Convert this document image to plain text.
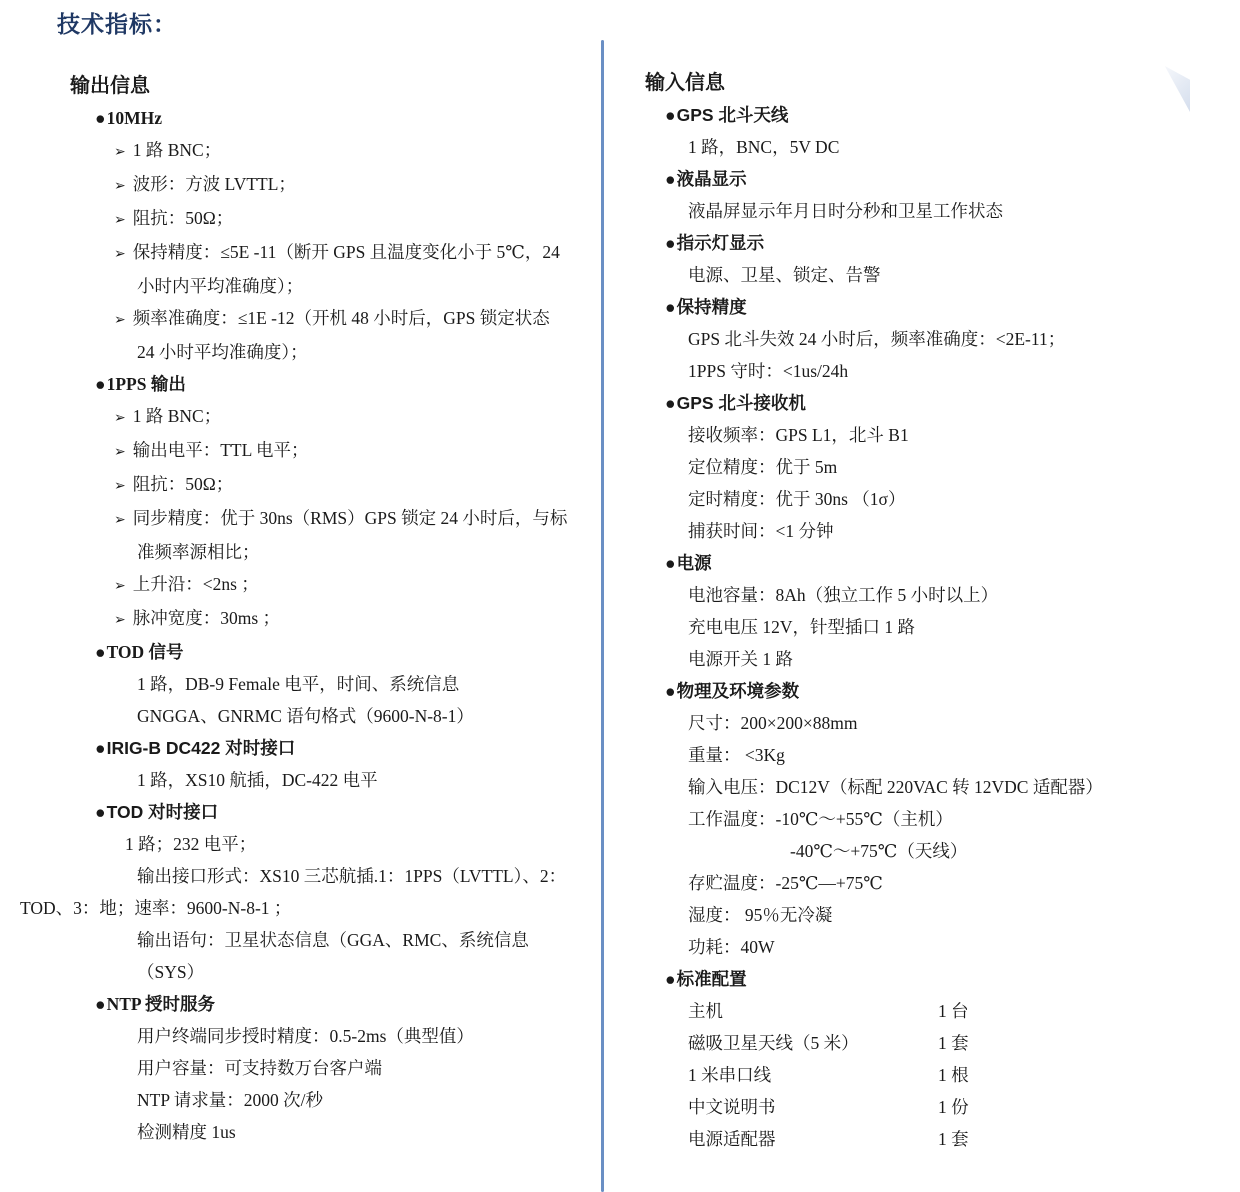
技术指标：
输出信息
●10MHz
➢ 1 路 BNC；
➢ 波形：方波 LVTTL；
➢ 阻抗：50Ω；
➢ 保持精度：≤5E -11（断开 GPS 且温度变化小于 5℃，24 小时内平均准确度）；
➢ 频率准确度：≤1E -12（开机 48 小时后，GPS 锁定状态 24 小时平均准确度）；
●1PPS 输出
➢ 1 路 BNC；
➢ 输出电平：TTL 电平；
➢ 阻抗：50Ω；
➢ 同步精度：优于 30ns（RMS）GPS 锁定 24 小时后，与标准频率源相比；
➢ 上升沿：<2ns ；
➢ 脉冲宽度：30ms ；
●TOD 信号
1 路，DB-9 Female 电平，时间、系统信息
GNGGA、GNRMC 语句格式（9600-N-8-1）
●IRIG-B DC422 对时接口
1 路，XS10 航插，DC-422 电平
●TOD 对时接口
1 路；232 电平；
输出接口形式：XS10 三芯航插.1：1PPS（LVTTL）、2：TOD、3：地；速率：9600-N-8-1 ；
输出语句：卫星状态信息（GGA、RMC、系统信息（SYS）
●NTP 授时服务
用户终端同步授时精度：0.5-2ms（典型值）
用户容量：可支持数万台客户端
NTP 请求量：2000 次/秒
检测精度 1us
输入信息
●GPS 北斗天线
1 路，BNC，5V DC
●液晶显示
液晶屏显示年月日时分秒和卫星工作状态
●指示灯显示
电源、卫星、锁定、告警
●保持精度
GPS 北斗失效 24 小时后，频率准确度：<2E-11；
1PPS 守时：<1us/24h
●GPS 北斗接收机
接收频率：GPS L1，北斗 B1
定位精度：优于 5m
定时精度：优于 30ns （1σ）
捕获时间：<1 分钟
●电源
电池容量：8Ah（独立工作 5 小时以上）
充电电压 12V，针型插口 1 路
电源开关 1 路
●物理及环境参数
尺寸：200×200×88mm
重量： <3Kg
输入电压：DC12V（标配 220VAC 转 12VDC 适配器）
工作温度：-10℃～+55℃（主机）
-40℃～+75℃（天线）
存贮温度：-25℃—+75℃
湿度： 95％无冷凝
功耗：40W
●标准配置
主机	1 台
磁吸卫星天线（5 米）	1 套
1 米串口线	1 根
中文说明书	1 份
电源适配器	1 套
